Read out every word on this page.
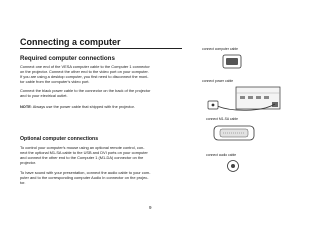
Connecting a computer
Required computer connections

Connect one end of the VESA computer cable to the Computer 1 connector
on the projector. Connect the other end to the video port on your computer.
If you are using a desktop computer, you first need to disconnect the moni-
tor cable from the computer's video port.

Connect the black power cable to the connector on the back of the projector
and to your electrical outlet.

NOTE: Always use the power cable that shipped with the projector.

Optional computer connections

To control your computer's mouse using an optional remote control, con-
nect the optional M1-SA cable to the USB and DVI ports on your computer
and connect the other end to the Computer 1 (M1-DA) connector on the
projector.

To have sound with your presentation, connect the audio cable to your com-
puter and to the corresponding computer Audio In connector on the projec-
tor.

connect computer cable
connect power cable
connect M1-SA cable
connect audio cable
9
